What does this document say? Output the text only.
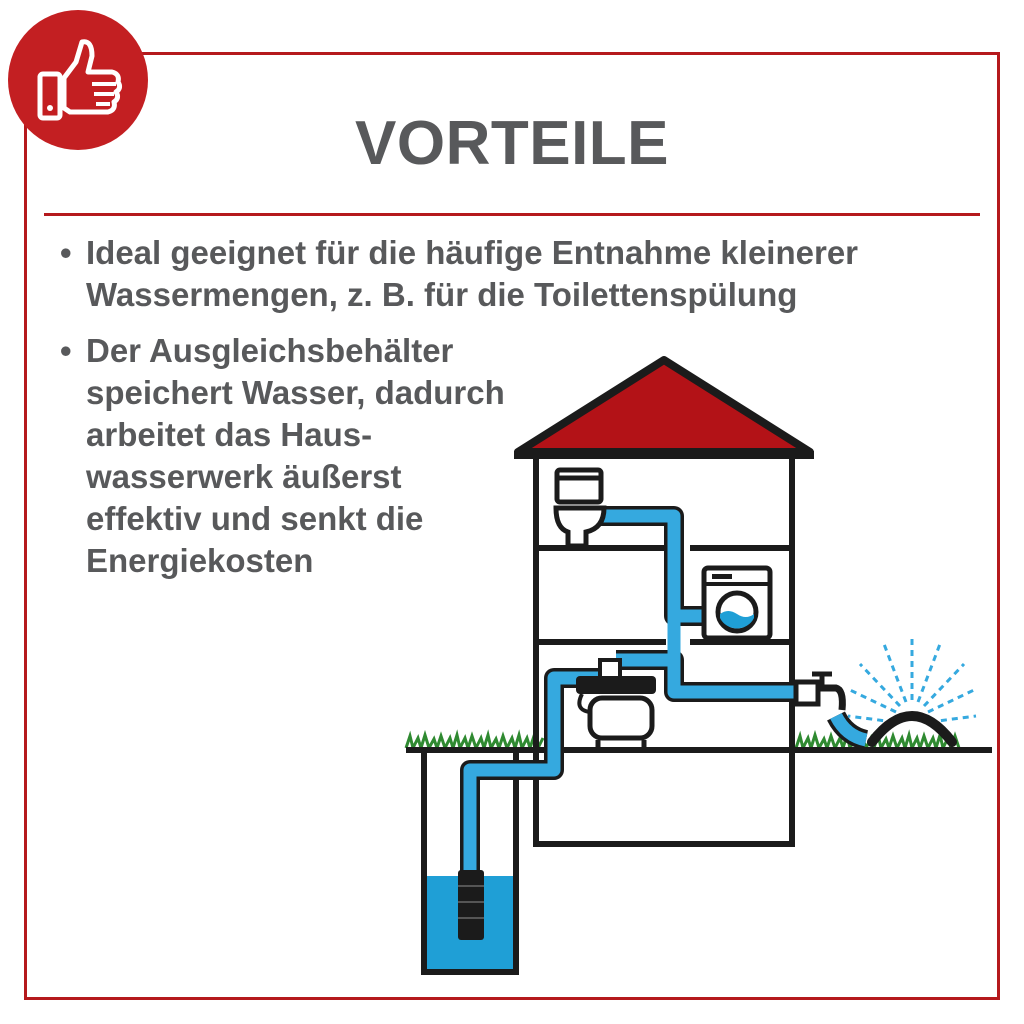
VORTEILE
• Ideal geeignet für die häufige Entnahme kleinerer
Wassermengen, z. B. für die Toilettenspülung
• Der Ausgleichsbehälter
speichert Wasser, dadurch
arbeitet das Haus-
wasserwerk äußerst
effektiv und senkt die
Energiekosten
